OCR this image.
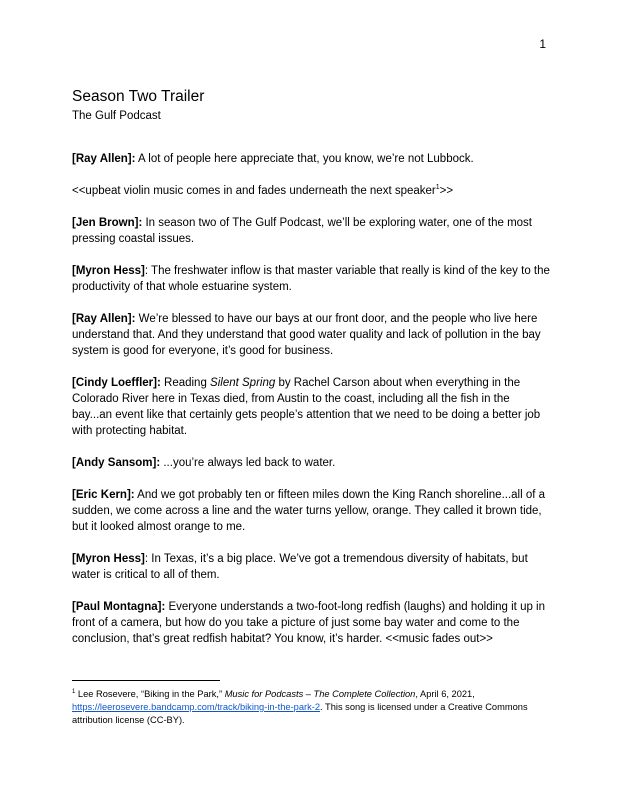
1
Season Two Trailer
The Gulf Podcast

[Ray Allen]: A lot of people here appreciate that, you know, we’re not Lubbock.

<<upbeat violin music comes in and fades underneath the next speaker$^1$>>

[Jen Brown]: In season two of The Gulf Podcast, we’ll be exploring water, one of the most pressing coastal issues.

[Myron Hess]: The freshwater inflow is that master variable that really is kind of the key to the productivity of that whole estuarine system.

[Ray Allen]: We’re blessed to have our bays at our front door, and the people who live here understand that. And they understand that good water quality and lack of pollution in the bay system is good for everyone, it’s good for business.

[Cindy Loeffler]: Reading Silent Spring by Rachel Carson about when everything in the Colorado River here in Texas died, from Austin to the coast, including all the fish in the bay...an event like that certainly gets people’s attention that we need to be doing a better job with protecting habitat.

[Andy Sansom]: ...you’re always led back to water.

[Eric Kern]: And we got probably ten or fifteen miles down the King Ranch shoreline...all of a sudden, we come across a line and the water turns yellow, orange. They called it brown tide, but it looked almost orange to me.

[Myron Hess]: In Texas, it’s a big place. We’ve got a tremendous diversity of habitats, but water is critical to all of them.

[Paul Montagna]: Everyone understands a two-foot-long redfish (laughs) and holding it up in front of a camera, but how do you take a picture of just some bay water and come to the conclusion, that’s great redfish habitat? You know, it’s harder. <<music fades out>>

$^1$ Lee Rosevere, “Biking in the Park,” Music for Podcasts – The Complete Collection, April 6, 2021, https://leerosevere.bandcamp.com/track/biking-in-the-park-2. This song is licensed under a Creative Commons attribution license (CC-BY).
